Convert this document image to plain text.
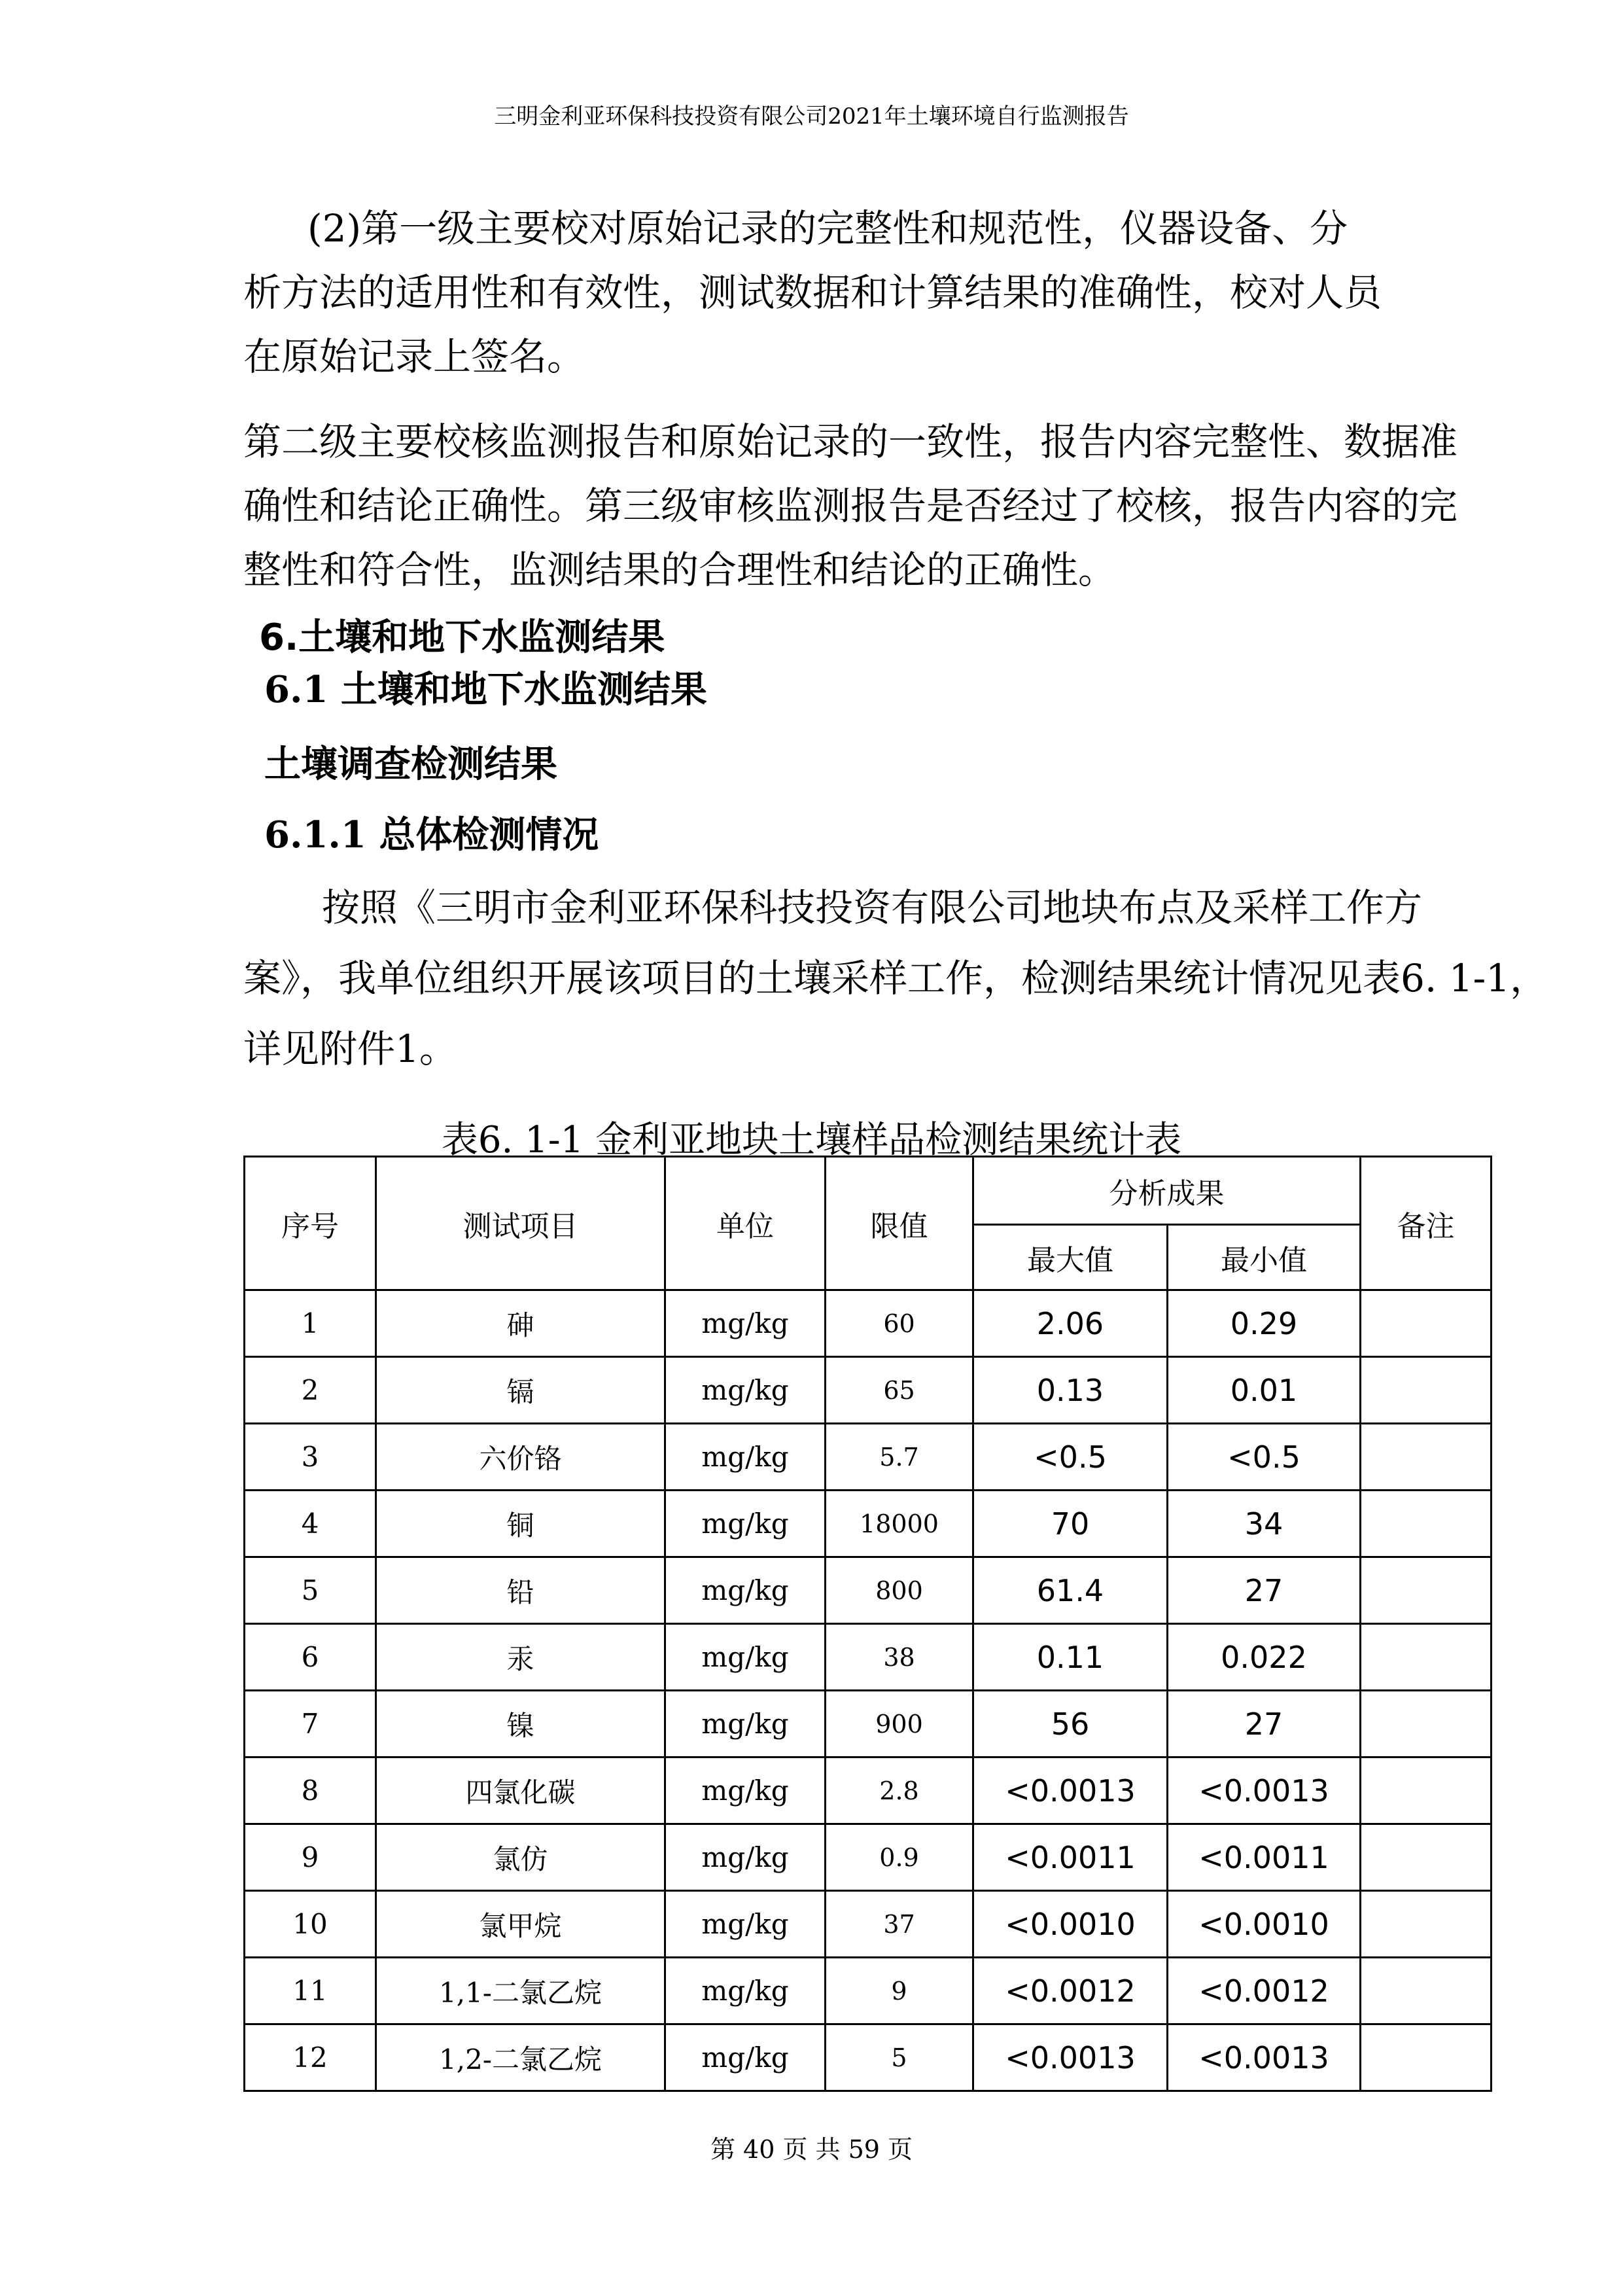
三明金利亚环保科技投资有限公司2021年土壤环境自行监测报告
(2)第一级主要校对原始记录的完整性和规范性，仪器设备、分
析方法的适用性和有效性，测试数据和计算结果的准确性，校对人员
在原始记录上签名。
第二级主要校核监测报告和原始记录的一致性，报告内容完整性、数据准
确性和结论正确性。第三级审核监测报告是否经过了校核，报告内容的完
整性和符合性，监测结果的合理性和结论的正确性。
6.土壤和地下水监测结果
6.1 土壤和地下水监测结果
土壤调查检测结果
6.1.1 总体检测情况
按照《三明市金利亚环保科技投资有限公司地块布点及采样工作方
案》，我单位组织开展该项目的土壤采样工作，检测结果统计情况见表6. 1-1，
详见附件1。
表6. 1-1 金利亚地块土壤样品检测结果统计表
序号	测试项目	单位	限值	分析成果		备注
				最大值	最小值	
1	砷	mg/kg	60	2.06	0.29	
2	镉	mg/kg	65	0.13	0.01	
3	六价铬	mg/kg	5.7	<0.5	<0.5	
4	铜	mg/kg	18000	70	34	
5	铅	mg/kg	800	61.4	27	
6	汞	mg/kg	38	0.11	0.022	
7	镍	mg/kg	900	56	27	
8	四氯化碳	mg/kg	2.8	<0.0013	<0.0013	
9	氯仿	mg/kg	0.9	<0.0011	<0.0011	
10	氯甲烷	mg/kg	37	<0.0010	<0.0010	
11	1,1-二氯乙烷	mg/kg	9	<0.0012	<0.0012	
12	1,2-二氯乙烷	mg/kg	5	<0.0013	<0.0013	
第 40 页 共 59 页
